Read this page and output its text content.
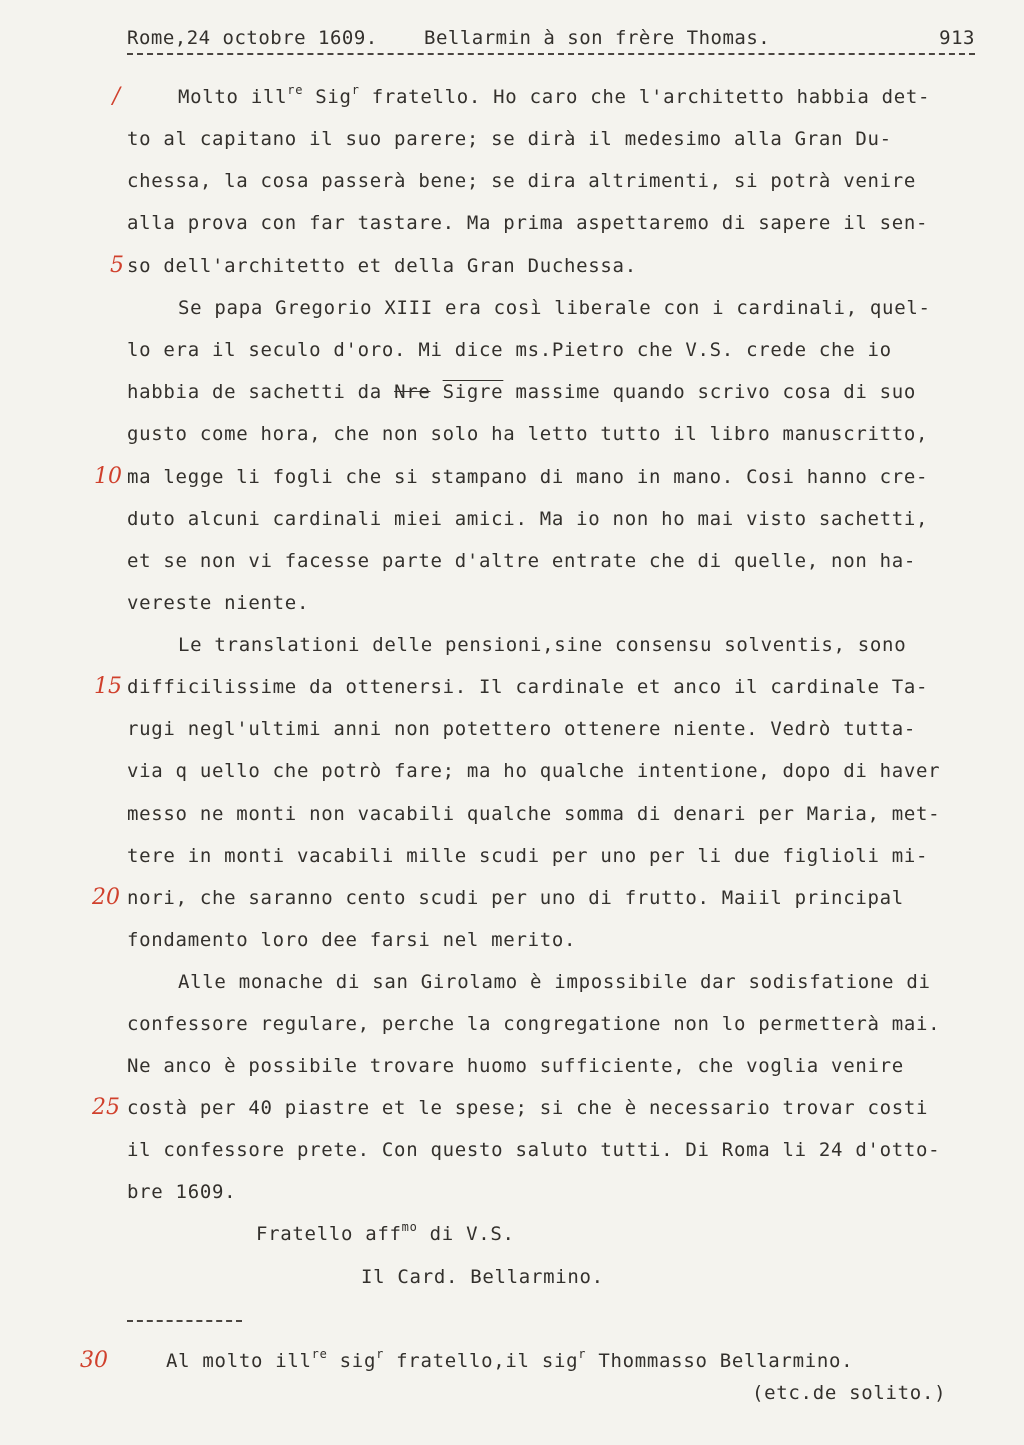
Rome,24 octobre 1609. Bellarmin à son frère Thomas.	913
/
5
10
15
20
25
30
Molto ill$^{re}$ Sig$^r$ fratello. Ho caro che l'architetto habbia det-
to al capitano il suo parere; se dirà il medesimo alla Gran Du-
chessa, la cosa passerà bene; se dira altrimenti, si potrà venire
alla prova con far tastare. Ma prima aspettaremo di sapere il sen-
so dell'architetto et della Gran Duchessa.
Se papa Gregorio XIII era così liberale con i cardinali, quel-
lo era il seculo d'oro. Mi dice ms.Pietro che V.S. crede che io
habbia de sachetti da Nre Sigre massime quando scrivo cosa di suo
gusto come hora, che non solo ha letto tutto il libro manuscritto,
ma legge li fogli che si stampano di mano in mano. Cosi hanno cre-
duto alcuni cardinali miei amici. Ma io non ho mai visto sachetti,
et se non vi facesse parte d'altre entrate che di quelle, non ha-
vereste niente.
Le translationi delle pensioni,sine consensu solventis, sono
difficilissime da ottenersi. Il cardinale et anco il cardinale Ta-
rugi negl'ultimi anni non potettero ottenere niente. Vedrò tutta-
via q uello che potrò fare; ma ho qualche intentione, dopo di haver
messo ne monti non vacabili qualche somma di denari per Maria, met-
tere in monti vacabili mille scudi per uno per li due figlioli mi-
nori, che saranno cento scudi per uno di frutto. Maiil principal
fondamento loro dee farsi nel merito.
Alle monache di san Girolamo è impossibile dar sodisfatione di
confessore regulare, perche la congregatione non lo permetterà mai.
Ne anco è possibile trovare huomo sufficiente, che voglia venire
costà per 40 piastre et le spese; si che è necessario trovar costi
il confessore prete. Con questo saluto tutti. Di Roma li 24 d'otto-
bre 1609.
Fratello aff$^{mo}$ di V.S.
Il Card. Bellarmino.
Al molto ill$^{re}$ sig$^r$ fratello,il sig$^r$ Thommasso Bellarmino.
(etc.de solito.)
